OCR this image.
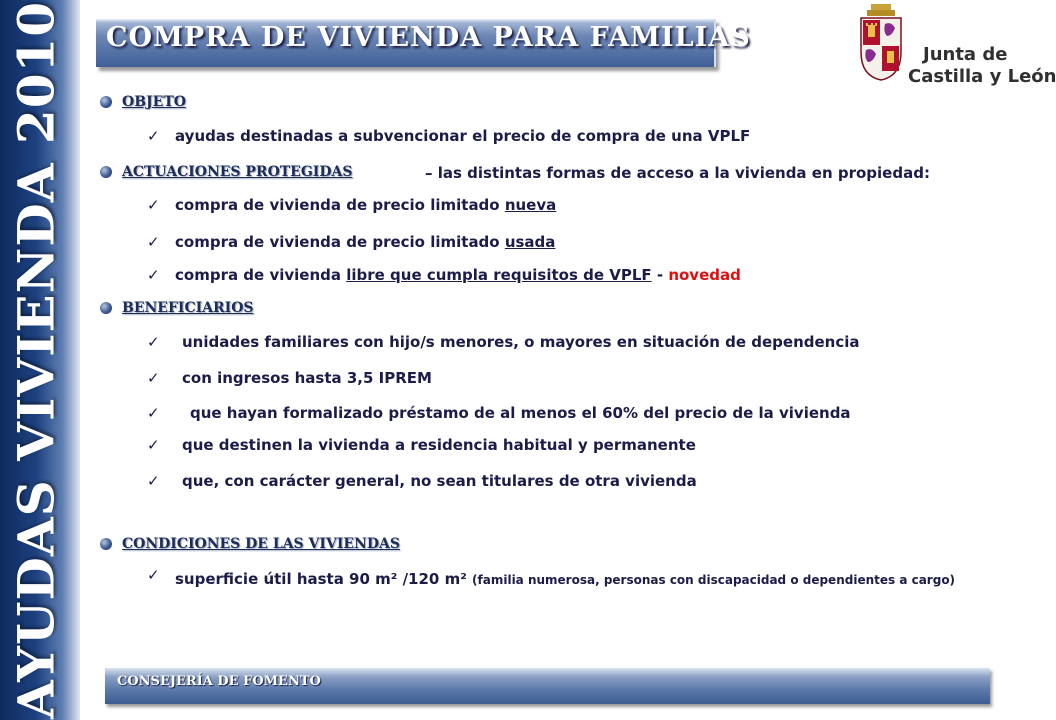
AYUDAS VIVIENDA 2010 COMPRA DE VIVIENDA PARA FAMILIAS
Junta de
Castilla y León
OBJETO
✓ ayudas destinadas a subvencionar el precio de compra de una VPLF
ACTUACIONES PROTEGIDAS	– las distintas formas de acceso a la vivienda en propiedad:
✓ compra de vivienda de precio limitado nueva
✓ compra de vivienda de precio limitado usada
✓ compra de vivienda libre que cumpla requisitos de VPLF - novedad
BENEFICIARIOS
✓ unidades familiares con hijo/s menores, o mayores en situación de dependencia
✓ con ingresos hasta 3,5 IPREM
✓ que hayan formalizado préstamo de al menos el 60% del precio de la vivienda
✓ que destinen la vivienda a residencia habitual y permanente
✓ que, con carácter general, no sean titulares de otra vivienda
CONDICIONES DE LAS VIVIENDAS
✓ superficie útil hasta 90 m² /120 m² (familia numerosa, personas con discapacidad o dependientes a cargo)
CONSEJERÍA DE FOMENTO
